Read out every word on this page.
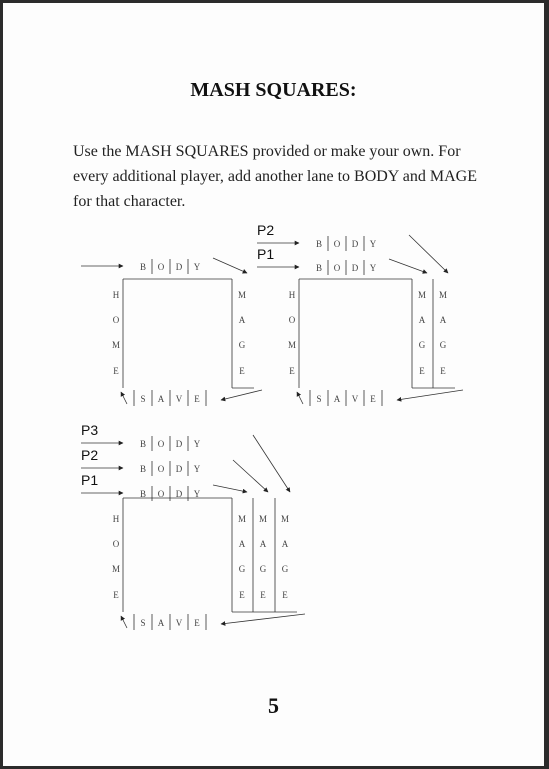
MASH SQUARES:
Use the MASH SQUARES provided or make your own. For every additional player, add another lane to BODY and MAGE for that character.
B O D Y
H
O
M
E
M
A
G
E
S A V E
B O D Y
P1
B O D Y
P2
H
O
M
E
M
A
G
E
M
A
G
E
S A V E
B O D Y
P1
B O D Y
P2
B O D Y
P3
H
O
M
E
M
A
G
E
M
A
G
E
M
A
G
E
S A V E
5
